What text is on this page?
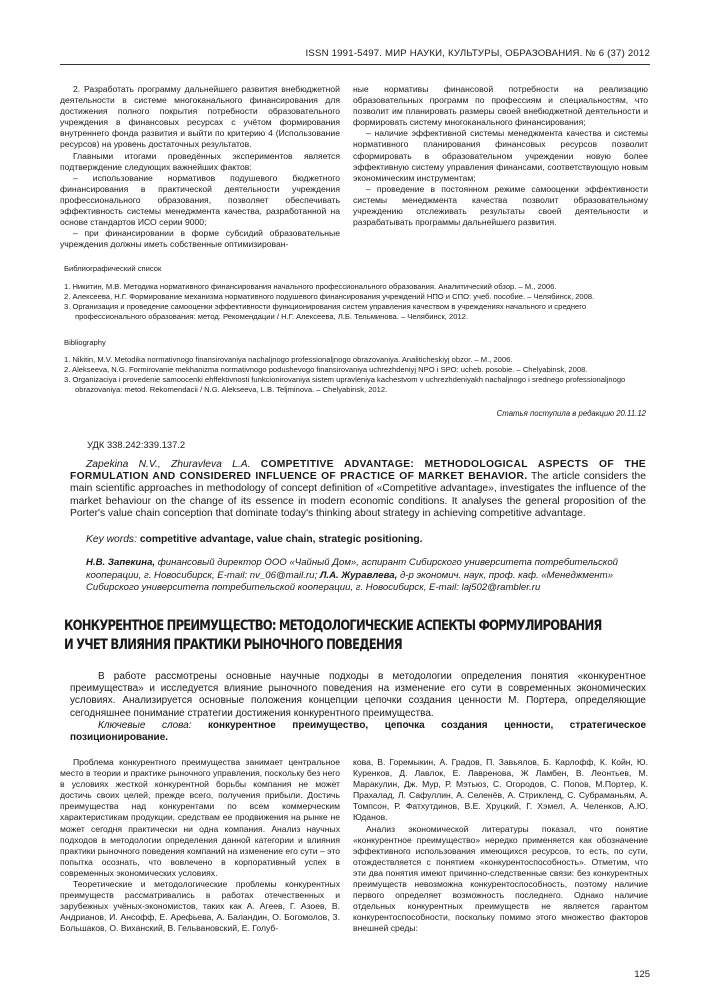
ISSN 1991-5497. МИР НАУКИ, КУЛЬТУРЫ, ОБРАЗОВАНИЯ. № 6 (37) 2012

2. Разработать программу дальнейшего развития внебюджетной деятельности в системе многоканального финансирования для достижения полного покрытия потребности образовательного учреждения в финансовых ресурсах с учётом формирования внутреннего фонда развития и выйти по критерию 4 (Использование ресурсов) на уровень достаточных результатов.

Главными итогами проведённых экспериментов является подтверждение следующих важнейших фактов:

– использование нормативов подушевого бюджетного финансирования в практической деятельности учреждения профессионального образования, позволяет обеспечивать эффективность системы менеджмента качества, разработанной на основе стандартов ИСО серии 9000;

– при финансировании в форме субсидий образовательные учреждения должны иметь собственные оптимизирован-

ные нормативы финансовой потребности на реализацию образовательных программ по профессиям и специальностям, что позволит им планировать размеры своей внебюджетной деятельности и формировать систему многоканального финансирования;

– наличие эффективной системы менеджмента качества и системы нормативного планирования финансовых ресурсов позволит сформировать в образовательном учреждении новую более эффективную систему управления финансами, соответствующую новым экономическим инструментам;

– проведение в постоянном режиме самооценки эффективности системы менеджмента качества позволит образовательному учреждению отслеживать результаты своей деятельности и разрабатывать программы дальнейшего развития.

Библиографический список
1. Никитин, М.В. Методика нормативного финансирования начального профессионального образования. Аналитический обзор. – М., 2006.
2. Алексеева, Н.Г. Формирование механизма нормативного подушевого финансирования учреждений НПО и СПО: учеб. пособие. – Челябинск, 2008.
3. Организация и проведение самооценки эффективности функционирования систем управления качеством в учреждениях начального и среднего профессионального образования: метод. Рекомендации / Н.Г. Алексеева, Л.Б. Тельминова. – Челябинск, 2012.
Bibliography
1. Nikitin, M.V. Metodika normativnogo finansirovaniya nachaljnogo professionaljnogo obrazovaniya. Analiticheskiyj obzor. – M., 2006.
2. Alekseeva, N.G. Formirovanie mekhanizma normativnogo podushevogo finansirovaniya uchrezhdeniyj NPO i SPO: ucheb. posobie. – Chelyabinsk, 2008.
3. Organizaciya i provedenie samoocenki ehffektivnosti funkcionirovaniya sistem upravleniya kachestvom v uchrezhdeniyakh nachaljnogo i srednego professionaljnogo obrazovaniya: metod. Rekomendacii / N.G. Alekseeva, L.B. Teljminova. – Chelyabinsk, 2012.
Статья поступила в редакцию 20.11.12
УДК 338.242:339.137.2
Zapekina N.V., Zhuravleva L.A. COMPETITIVE ADVANTAGE: METHODOLOGICAL ASPECTS OF THE FORMULATION AND CONSIDERED INFLUENCE OF PRACTICE OF MARKET BEHAVIOR. The article considers the main scientific approaches in methodology of concept definition of «Competitive advantage», investigates the influence of the market behaviour on the change of its essence in modern economic conditions. It analyses the general proposition of the Porter's value chain conception that dominate today's thinking about strategy in achieving competitive advantage.
Key words: competitive advantage, value chain, strategic positioning.
Н.В. Запекина, финансовый директор ООО «Чайный Дом», аспирант Сибирского университета потребительской кооперации, г. Новосибирск, E-mail: nv_06@mail.ru; Л.А. Журавлева, д-р экономич. наук, проф. каф. «Менеджмент» Сибирского университета потребительской кооперации, г. Новосибирск, E-mail: laj502@rambler.ru
КОНКУРЕНТНОЕ ПРЕИМУЩЕСТВО: МЕТОДОЛОГИЧЕСКИЕ АСПЕКТЫ ФОРМУЛИРОВАНИЯ
И УЧЕТ ВЛИЯНИЯ ПРАКТИКИ РЫНОЧНОГО ПОВЕДЕНИЯ

В работе рассмотрены основные научные подходы в методологии определения понятия «конкурентное преимущества» и исследуется влияние рыночного поведения на изменение его сути в современных экономических условиях. Анализируется основные положения концепции цепочки создания ценности М. Портера, определяющие сегодняшнее понимание стратегии достижения конкурентного преимущества.

Ключевые слова: конкурентное преимущество, цепочка создания ценности, стратегическое позиционирование.

Проблема конкурентного преимущества занимает центральное место в теории и практике рыночного управления, поскольку без него в условиях жесткой конкурентной борьбы компания не может достичь своих целей, прежде всего, получения прибыли. Достичь преимущества над конкурентами по всем коммерческим характеристикам продукции, средствам ее продвижения на рынке не может сегодня практически ни одна компания. Анализ научных подходов в методологии определения данной категории и влияния практики рыночного поведения компаний на изменение его сути – это попытка осознать, что вовлечено в корпоративный успех в современных экономических условиях.

Теоретические и методологические проблемы конкурентных преимуществ рассматривались в работах отечественных и зарубежных учёных-экономистов, таких как А. Агеев, Г. Азоев, В. Андрианов, И. Ансофф, Е. Арефьева, А. Баландин, О. Богомолов, З. Большаков, О. Виханский, В. Гельвановский, Е. Голуб-

кова, В. Горемыкин, А. Градов, П. Завьялов, Б. Карлофф, К. Койн, Ю. Куренков, Д. Лавлок, Е. Лавренова, Ж Ламбен, В. Леонтьев, М. Маракулин, Дж. Мур, Р. Мэтьюз, С. Огородов, С. Попов, М.Портер, К. Прахалад, Л. Сафуллин, А. Селенёв, А. Стрикленд, С. Субраманьям, А. Томпсон, Р. Фатхутдинов, В.Е. Хруцкий, Г. Хэмел, А. Челенков, А.Ю. Юданов.

Анализ экономической литературы показал, что понятие «конкурентное преимущество» нередко применяется как обозначение эффективного использования имеющихся ресурсов, то есть, по сути, отождествляется с понятием «конкурентоспособность». Отметим, что эти два понятия имеют причинно-следственные связи: без конкурентных преимуществ невозможна конкурентоспособность, поэтому наличие первого определяет возможность последнего. Однако наличие отдельных конкурентных преимуществ не является гарантом конкурентоспособности, поскольку помимо этого множество факторов внешней среды:

125
